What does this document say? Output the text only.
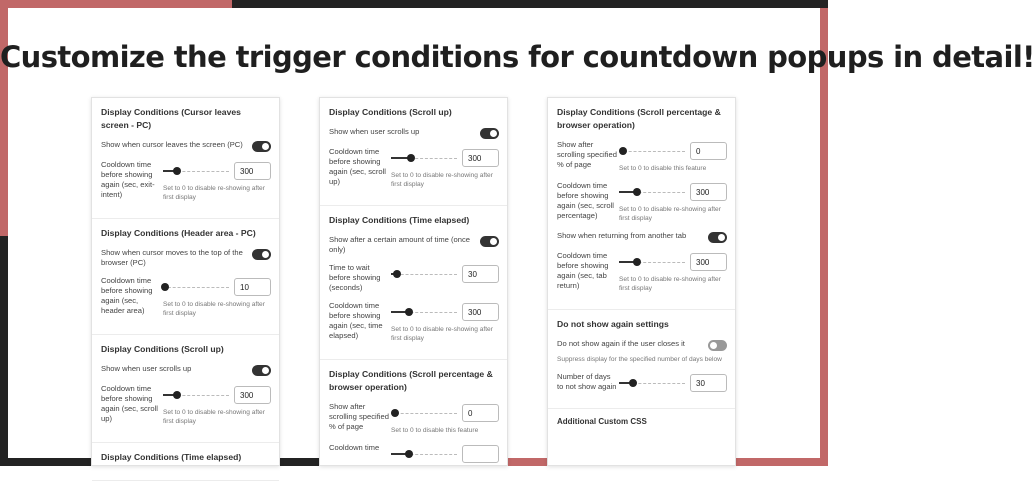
Customize the trigger conditions for countdown popups in detail!
Display Conditions (Cursor leaves screen - PC)
Show when cursor leaves the screen (PC)
Cooldown time before showing again (sec, exit-intent)
300
Set to 0 to disable re-showing after first display
Display Conditions (Header area - PC)
Show when cursor moves to the top of the browser (PC)
Cooldown time before showing again (sec, header area)
10
Set to 0 to disable re-showing after first display
Display Conditions (Scroll up)
Show when user scrolls up
Cooldown time before showing again (sec, scroll up)
300
Set to 0 to disable re-showing after first display
Display Conditions (Time elapsed)
Display Conditions (Scroll up)
Show when user scrolls up
Cooldown time before showing again (sec, scroll up)
300
Set to 0 to disable re-showing after first display
Display Conditions (Time elapsed)
Show after a certain amount of time (once only)
Time to wait before showing (seconds)
30
Cooldown time before showing again (sec, time elapsed)
300
Set to 0 to disable re-showing after first display
Display Conditions (Scroll percentage & browser operation)
Show after scrolling specified % of page
0
Set to 0 to disable this feature
Cooldown time
Display Conditions (Scroll percentage & browser operation)
Show after scrolling specified % of page
0
Set to 0 to disable this feature
Cooldown time before showing again (sec, scroll percentage)
300
Set to 0 to disable re-showing after first display
Show when returning from another tab
Cooldown time before showing again (sec, tab return)
300
Set to 0 to disable re-showing after first display
Do not show again settings
Do not show again if the user closes it
Suppress display for the specified number of days below
Number of days to not show again	30
Additional Custom CSS
